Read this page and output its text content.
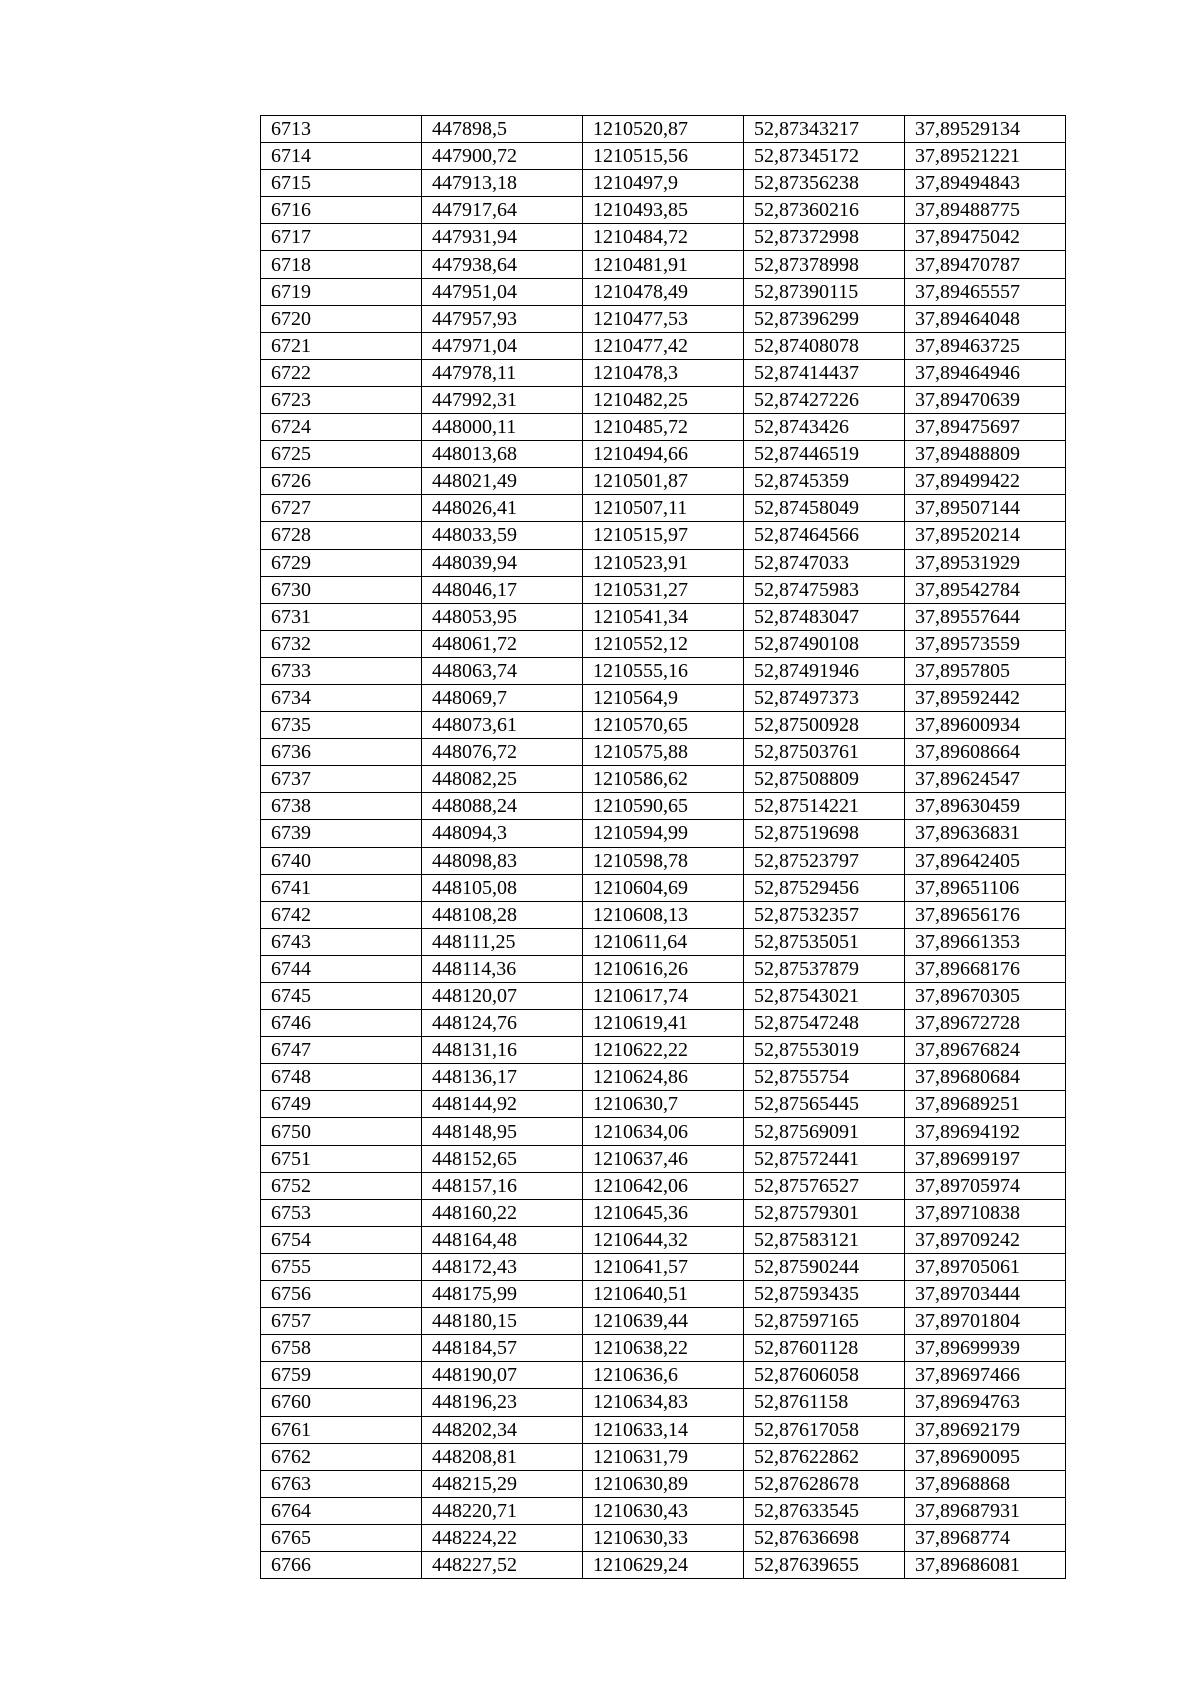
6713	447898,5	1210520,87	52,87343217	37,89529134
6714	447900,72	1210515,56	52,87345172	37,89521221
6715	447913,18	1210497,9	52,87356238	37,89494843
6716	447917,64	1210493,85	52,87360216	37,89488775
6717	447931,94	1210484,72	52,87372998	37,89475042
6718	447938,64	1210481,91	52,87378998	37,89470787
6719	447951,04	1210478,49	52,87390115	37,89465557
6720	447957,93	1210477,53	52,87396299	37,89464048
6721	447971,04	1210477,42	52,87408078	37,89463725
6722	447978,11	1210478,3	52,87414437	37,89464946
6723	447992,31	1210482,25	52,87427226	37,89470639
6724	448000,11	1210485,72	52,8743426	37,89475697
6725	448013,68	1210494,66	52,87446519	37,89488809
6726	448021,49	1210501,87	52,8745359	37,89499422
6727	448026,41	1210507,11	52,87458049	37,89507144
6728	448033,59	1210515,97	52,87464566	37,89520214
6729	448039,94	1210523,91	52,8747033	37,89531929
6730	448046,17	1210531,27	52,87475983	37,89542784
6731	448053,95	1210541,34	52,87483047	37,89557644
6732	448061,72	1210552,12	52,87490108	37,89573559
6733	448063,74	1210555,16	52,87491946	37,8957805
6734	448069,7	1210564,9	52,87497373	37,89592442
6735	448073,61	1210570,65	52,87500928	37,89600934
6736	448076,72	1210575,88	52,87503761	37,89608664
6737	448082,25	1210586,62	52,87508809	37,89624547
6738	448088,24	1210590,65	52,87514221	37,89630459
6739	448094,3	1210594,99	52,87519698	37,89636831
6740	448098,83	1210598,78	52,87523797	37,89642405
6741	448105,08	1210604,69	52,87529456	37,89651106
6742	448108,28	1210608,13	52,87532357	37,89656176
6743	448111,25	1210611,64	52,87535051	37,89661353
6744	448114,36	1210616,26	52,87537879	37,89668176
6745	448120,07	1210617,74	52,87543021	37,89670305
6746	448124,76	1210619,41	52,87547248	37,89672728
6747	448131,16	1210622,22	52,87553019	37,89676824
6748	448136,17	1210624,86	52,8755754	37,89680684
6749	448144,92	1210630,7	52,87565445	37,89689251
6750	448148,95	1210634,06	52,87569091	37,89694192
6751	448152,65	1210637,46	52,87572441	37,89699197
6752	448157,16	1210642,06	52,87576527	37,89705974
6753	448160,22	1210645,36	52,87579301	37,89710838
6754	448164,48	1210644,32	52,87583121	37,89709242
6755	448172,43	1210641,57	52,87590244	37,89705061
6756	448175,99	1210640,51	52,87593435	37,89703444
6757	448180,15	1210639,44	52,87597165	37,89701804
6758	448184,57	1210638,22	52,87601128	37,89699939
6759	448190,07	1210636,6	52,87606058	37,89697466
6760	448196,23	1210634,83	52,8761158	37,89694763
6761	448202,34	1210633,14	52,87617058	37,89692179
6762	448208,81	1210631,79	52,87622862	37,89690095
6763	448215,29	1210630,89	52,87628678	37,8968868
6764	448220,71	1210630,43	52,87633545	37,89687931
6765	448224,22	1210630,33	52,87636698	37,8968774
6766	448227,52	1210629,24	52,87639655	37,89686081
